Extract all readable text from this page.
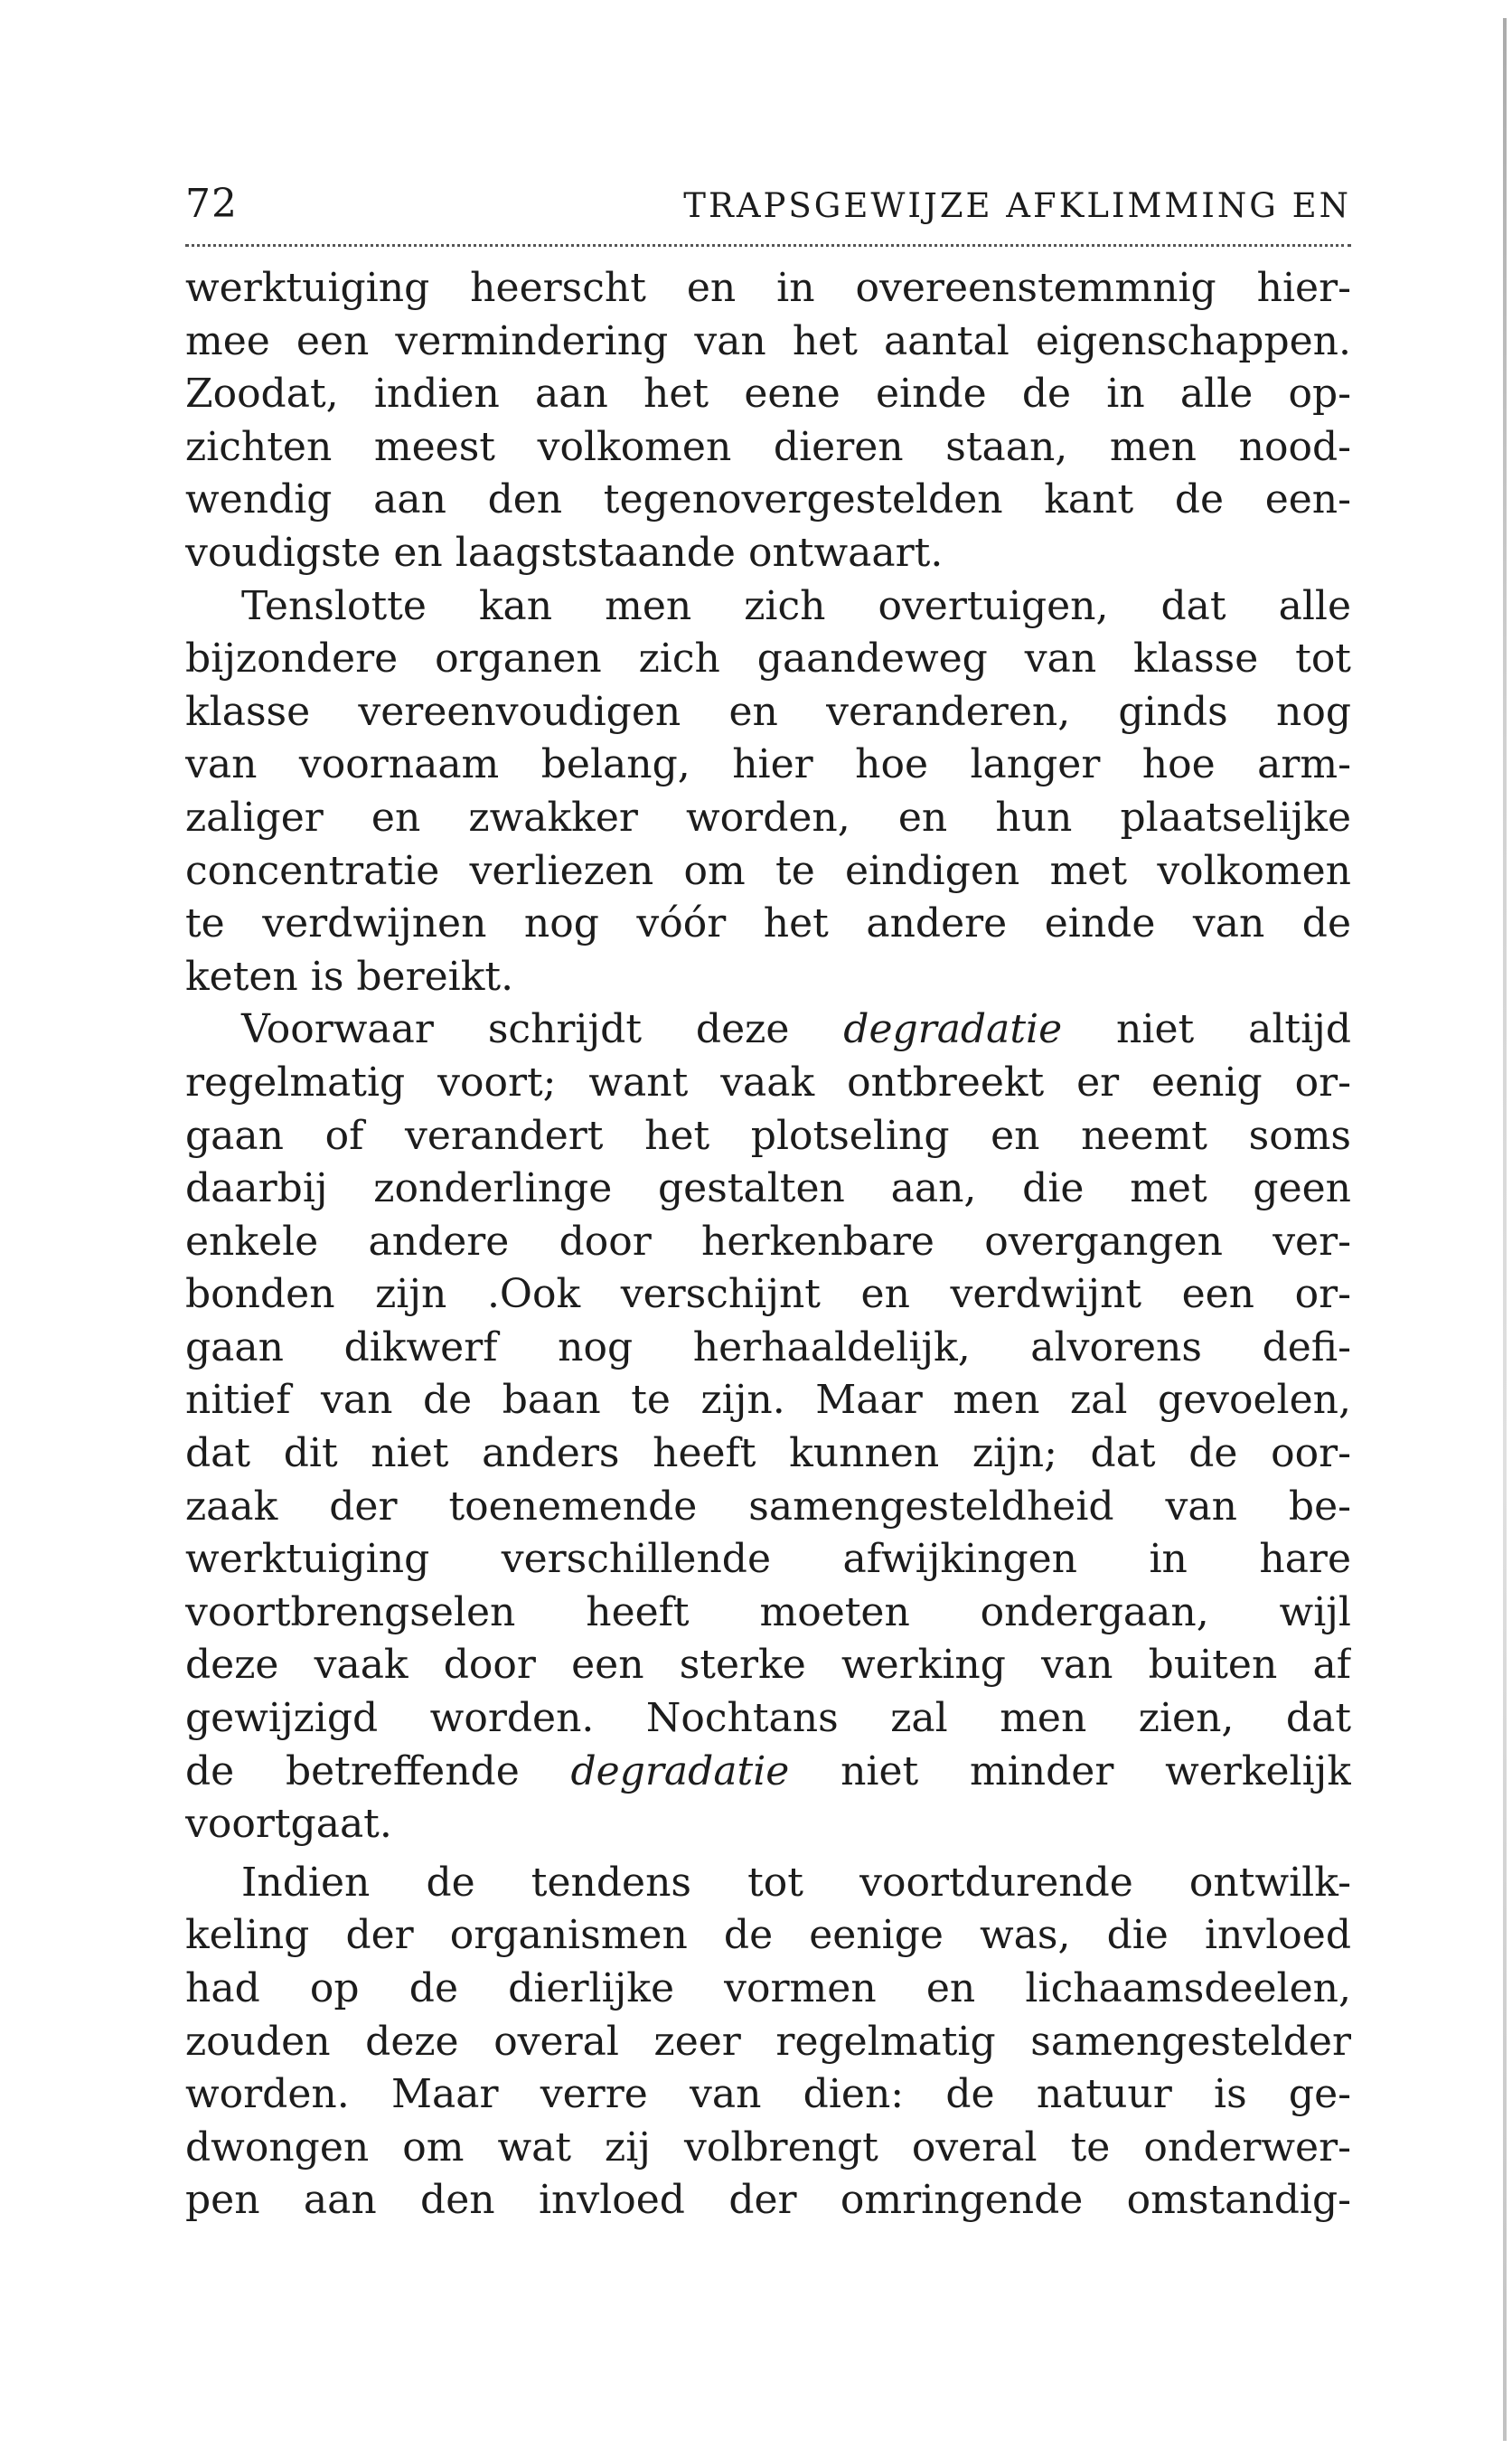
72	TRAPSGEWIJZE AFKLIMMING EN
werktuiging heerscht en in overeenstemmnig hier-
mee een vermindering van het aantal eigenschappen.
Zoodat, indien aan het eene einde de in alle op-
zichten meest volkomen dieren staan, men nood-
wendig aan den tegenovergestelden kant de een-
voudigste en laagststaande ontwaart.
Tenslotte kan men zich overtuigen, dat alle
bijzondere organen zich gaandeweg van klasse tot
klasse vereenvoudigen en veranderen, ginds nog
van voornaam belang, hier hoe langer hoe arm-
zaliger en zwakker worden, en hun plaatselijke
concentratie verliezen om te eindigen met volkomen
te verdwijnen nog vóór het andere einde van de
keten is bereikt.
Voorwaar schrijdt deze degradatie niet altijd
regelmatig voort; want vaak ontbreekt er eenig or-
gaan of verandert het plotseling en neemt soms
daarbij zonderlinge gestalten aan, die met geen
enkele andere door herkenbare overgangen ver-
bonden zijn .Ook verschijnt en verdwijnt een or-
gaan dikwerf nog herhaaldelijk, alvorens defi-
nitief van de baan te zijn. Maar men zal gevoelen,
dat dit niet anders heeft kunnen zijn; dat de oor-
zaak der toenemende samengesteldheid van be-
werktuiging verschillende afwijkingen in hare
voortbrengselen heeft moeten ondergaan, wijl
deze vaak door een sterke werking van buiten af
gewijzigd worden. Nochtans zal men zien, dat
de betreffende degradatie niet minder werkelijk
voortgaat.
Indien de tendens tot voortdurende ontwilk-
keling der organismen de eenige was, die invloed
had op de dierlijke vormen en lichaamsdeelen,
zouden deze overal zeer regelmatig samengestelder
worden. Maar verre van dien: de natuur is ge-
dwongen om wat zij volbrengt overal te onderwer-
pen aan den invloed der omringende omstandig-
